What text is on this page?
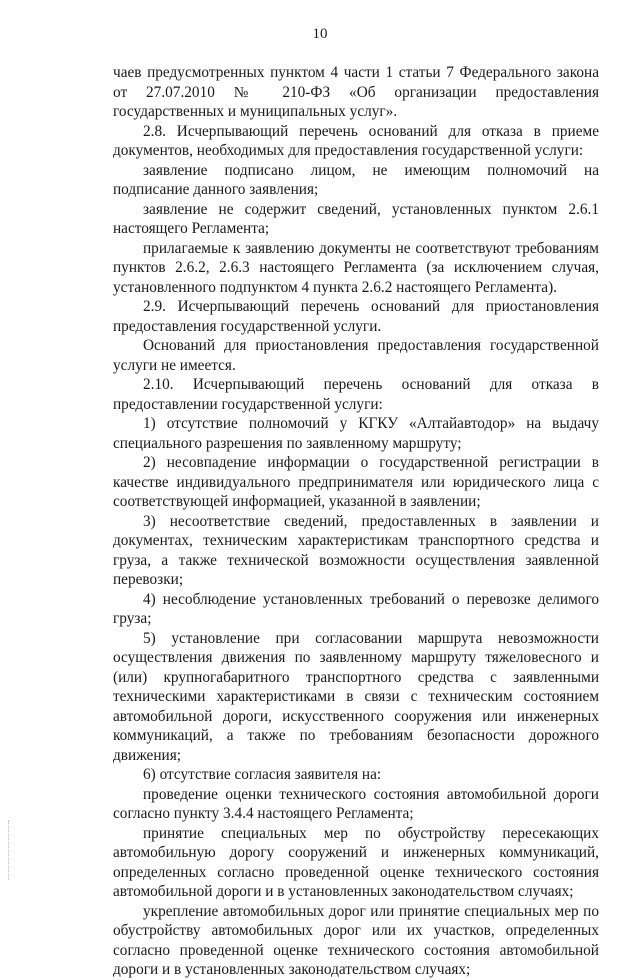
10

чаев предусмотренных пунктом 4 части 1 статьи 7 Федерального закона от 27.07.2010 № 210-ФЗ «Об организации предоставления государственных и муниципальных услуг».

2.8. Исчерпывающий перечень оснований для отказа в приеме документов, необходимых для предоставления государственной услуги:

заявление подписано лицом, не имеющим полномочий на подписание данного заявления;

заявление не содержит сведений, установленных пунктом 2.6.1 настоящего Регламента;

прилагаемые к заявлению документы не соответствуют требованиям пунктов 2.6.2, 2.6.3 настоящего Регламента (за исключением случая, установленного подпунктом 4 пункта 2.6.2 настоящего Регламента).

2.9. Исчерпывающий перечень оснований для приостановления предоставления государственной услуги.

Оснований для приостановления предоставления государственной услуги не имеется.

2.10. Исчерпывающий перечень оснований для отказа в предоставлении государственной услуги:

1) отсутствие полномочий у КГКУ «Алтайавтодор» на выдачу специального разрешения по заявленному маршруту;

2) несовпадение информации о государственной регистрации в качестве индивидуального предпринимателя или юридического лица с соответствующей информацией, указанной в заявлении;

3) несоответствие сведений, предоставленных в заявлении и документах, техническим характеристикам транспортного средства и груза, а также технической возможности осуществления заявленной перевозки;

4) несоблюдение установленных требований о перевозке делимого груза;

5) установление при согласовании маршрута невозможности осуществления движения по заявленному маршруту тяжеловесного и (или) крупногабаритного транспортного средства с заявленными техническими характеристиками в связи с техническим состоянием автомобильной дороги, искусственного сооружения или инженерных коммуникаций, а также по требованиям безопасности дорожного движения;

6) отсутствие согласия заявителя на:

проведение оценки технического состояния автомобильной дороги согласно пункту 3.4.4 настоящего Регламента;

принятие специальных мер по обустройству пересекающих автомобильную дорогу сооружений и инженерных коммуникаций, определенных согласно проведенной оценке технического состояния автомобильной дороги и в установленных законодательством случаях;

укрепление автомобильных дорог или принятие специальных мер по обустройству автомобильных дорог или их участков, определенных согласно проведенной оценке технического состояния автомобильной дороги и в установленных законодательством случаях;
